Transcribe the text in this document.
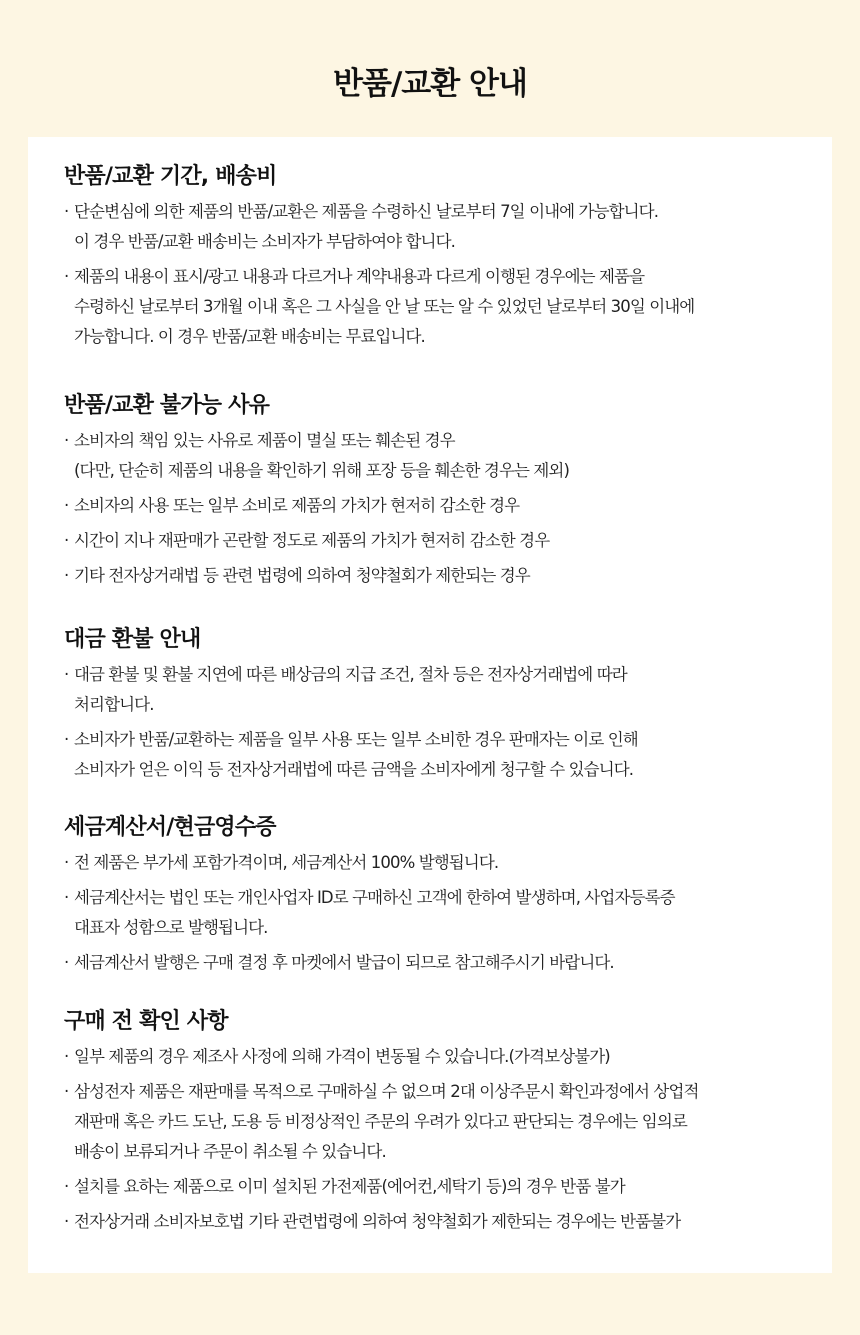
반품/교환 안내
반품/교환 기간, 배송비
· 단순변심에 의한 제품의 반품/교환은 제품을 수령하신 날로부터 7일 이내에 가능합니다.
이 경우 반품/교환 배송비는 소비자가 부담하여야 합니다.
· 제품의 내용이 표시/광고 내용과 다르거나 계약내용과 다르게 이행된 경우에는 제품을
수령하신 날로부터 3개월 이내 혹은 그 사실을 안 날 또는 알 수 있었던 날로부터 30일 이내에
가능합니다. 이 경우 반품/교환 배송비는 무료입니다.
반품/교환 불가능 사유
· 소비자의 책임 있는 사유로 제품이 멸실 또는 훼손된 경우
(다만, 단순히 제품의 내용을 확인하기 위해 포장 등을 훼손한 경우는 제외)
· 소비자의 사용 또는 일부 소비로 제품의 가치가 현저히 감소한 경우
· 시간이 지나 재판매가 곤란할 정도로 제품의 가치가 현저히 감소한 경우
· 기타 전자상거래법 등 관련 법령에 의하여 청약철회가 제한되는 경우
대금 환불 안내
· 대금 환불 및 환불 지연에 따른 배상금의 지급 조건, 절차 등은 전자상거래법에 따라
처리합니다.
· 소비자가 반품/교환하는 제품을 일부 사용 또는 일부 소비한 경우 판매자는 이로 인해
소비자가 얻은 이익 등 전자상거래법에 따른 금액을 소비자에게 청구할 수 있습니다.
세금계산서/현금영수증
· 전 제품은 부가세 포함가격이며, 세금계산서 100% 발행됩니다.
· 세금계산서는 법인 또는 개인사업자 ID로 구매하신 고객에 한하여 발생하며, 사업자등록증
대표자 성함으로 발행됩니다.
· 세금계산서 발행은 구매 결정 후 마켓에서 발급이 되므로 참고해주시기 바랍니다.
구매 전 확인 사항
· 일부 제품의 경우 제조사 사정에 의해 가격이 변동될 수 있습니다.(가격보상불가)
· 삼성전자 제품은 재판매를 목적으로 구매하실 수 없으며 2대 이상주문시 확인과정에서 상업적
재판매 혹은 카드 도난, 도용 등 비정상적인 주문의 우려가 있다고 판단되는 경우에는 임의로
배송이 보류되거나 주문이 취소될 수 있습니다.
· 설치를 요하는 제품으로 이미 설치된 가전제품(에어컨,세탁기 등)의 경우 반품 불가
· 전자상거래 소비자보호법 기타 관련법령에 의하여 청약철회가 제한되는 경우에는 반품불가
